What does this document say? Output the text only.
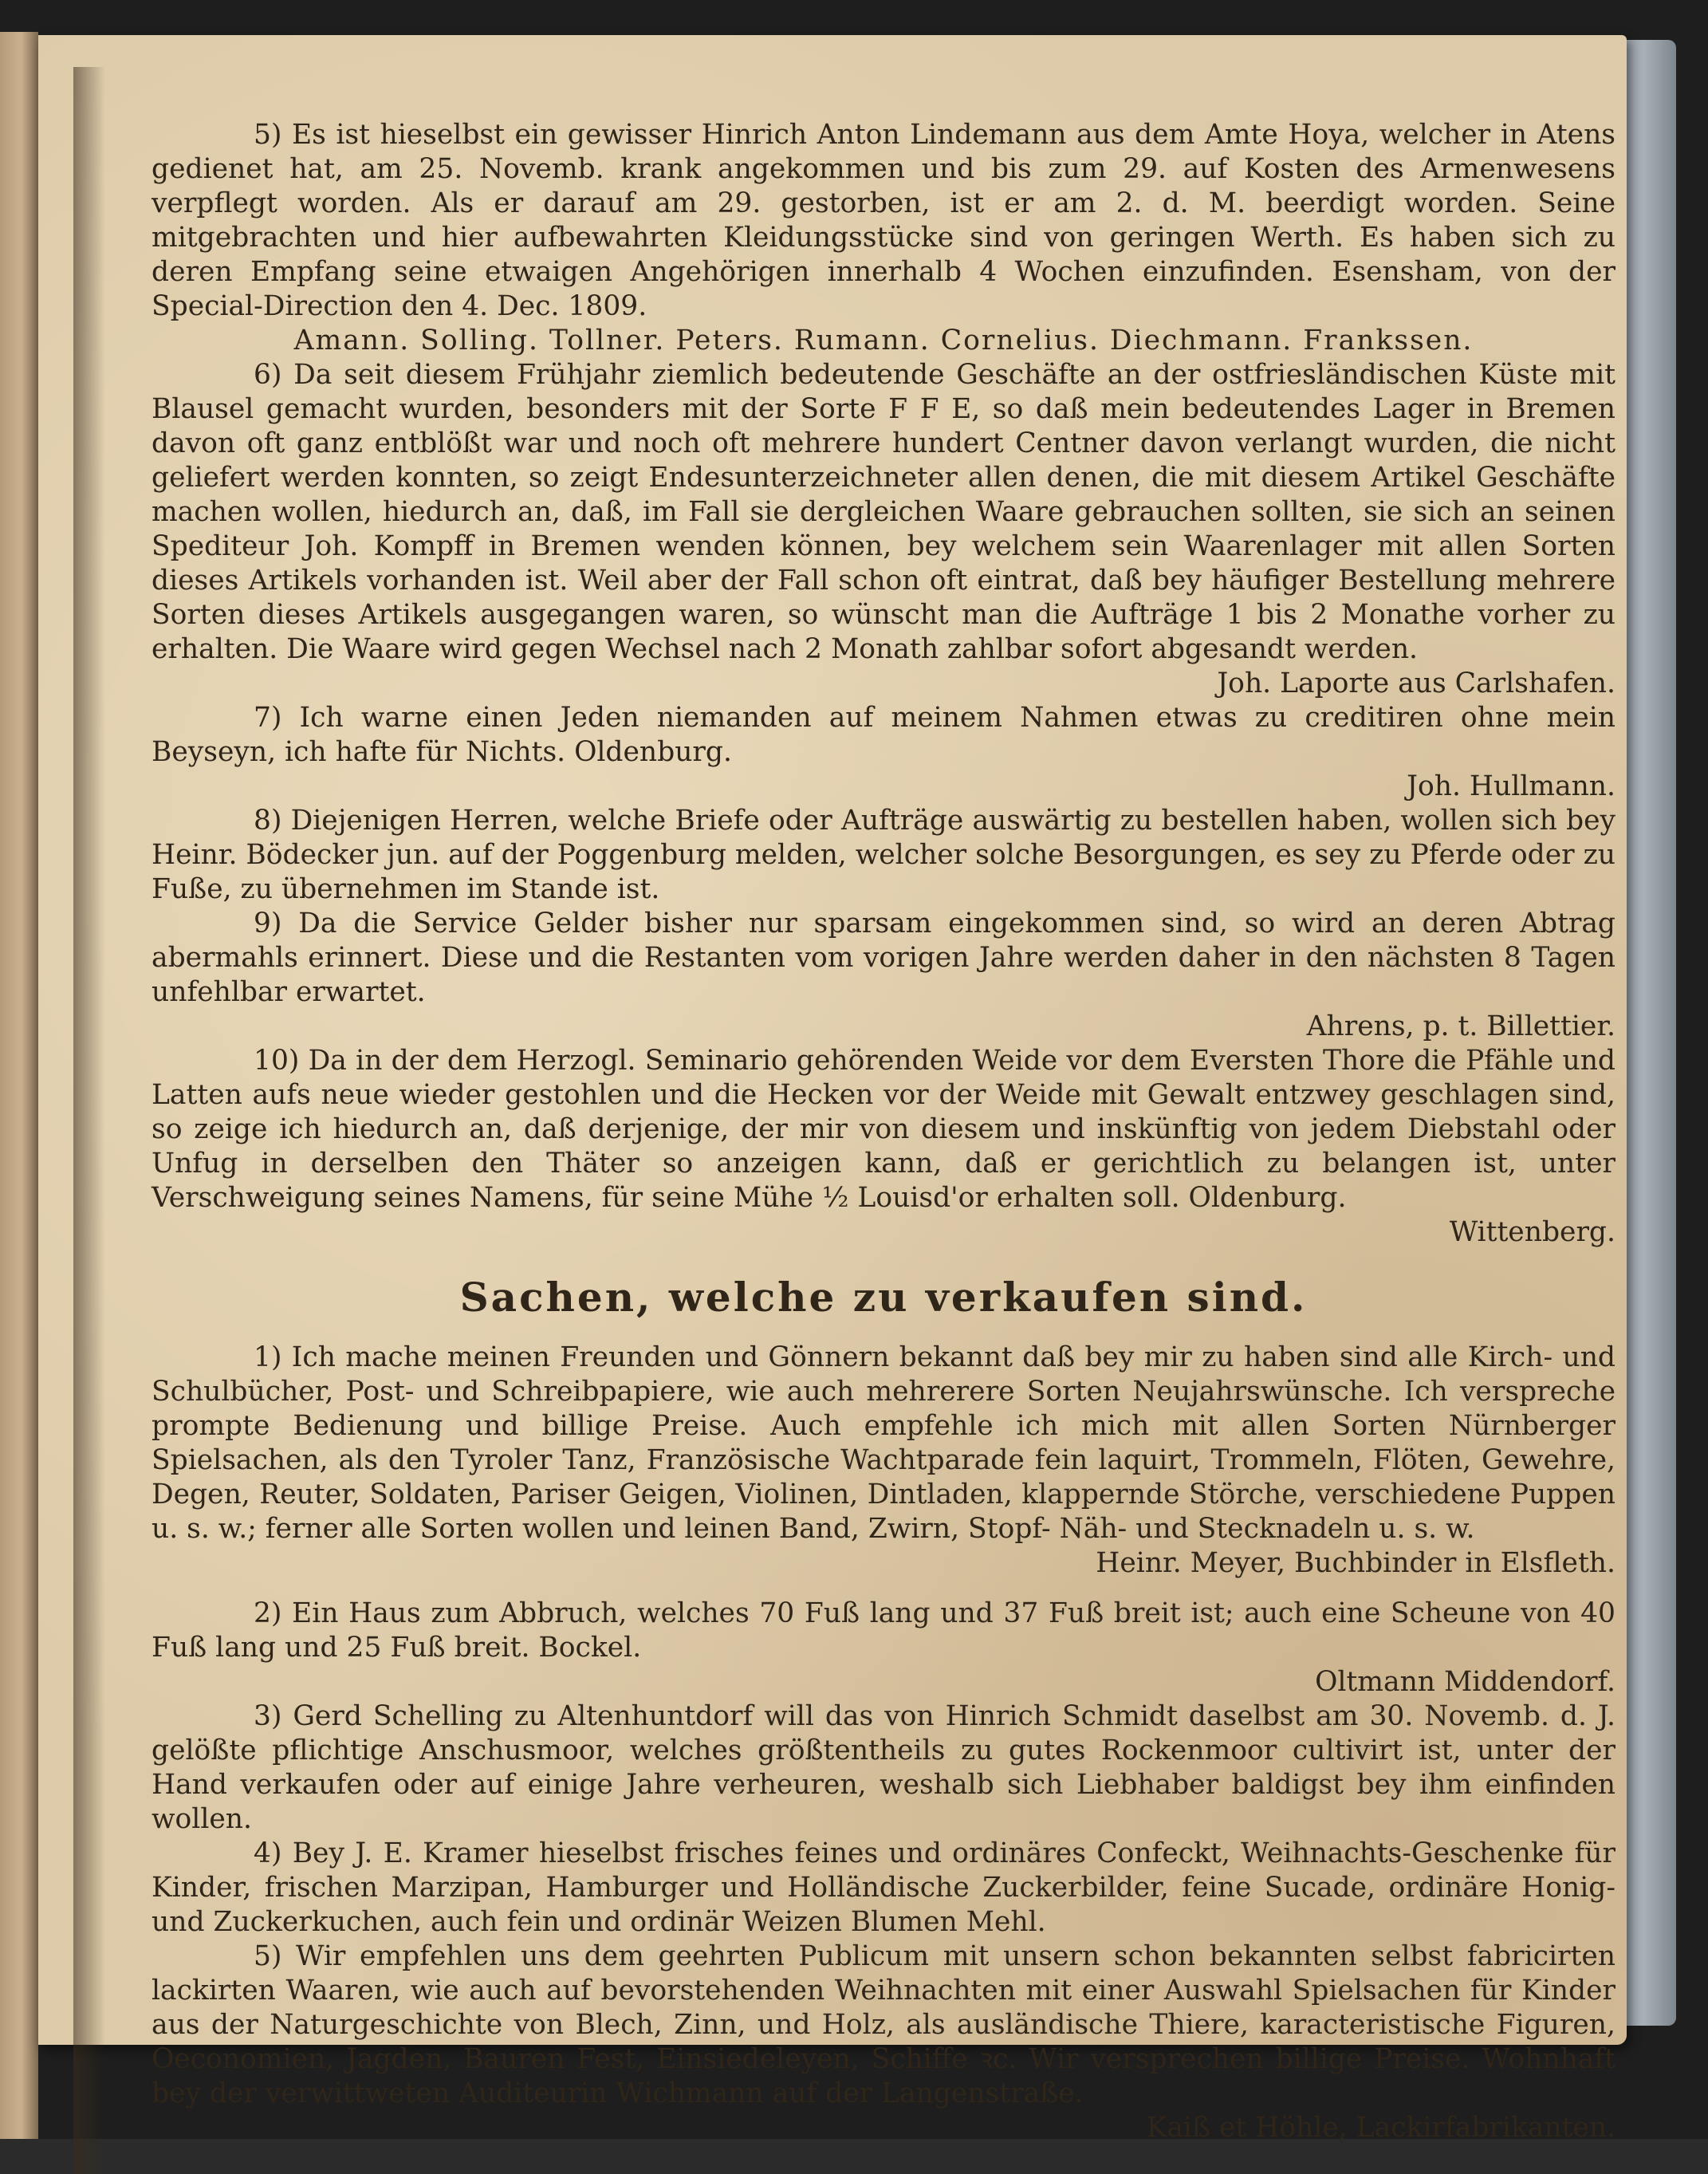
5) Es ist hieselbst ein gewisser Hinrich Anton Lindemann aus dem Amte Hoya, welcher in Atens gedienet hat, am 25. Novemb. krank angekommen und bis zum 29. auf Kosten des Armenwesens verpflegt worden. Als er darauf am 29. gestorben, ist er am 2. d. M. beerdigt worden. Seine mitgebrachten und hier aufbewahrten Kleidungsstücke sind von geringen Werth. Es haben sich zu deren Empfang seine etwaigen Angehörigen innerhalb 4 Wochen einzufinden. Esensham, von der Special-Direction den 4. Dec. 1809.

Amann. Solling. Tollner. Peters. Rumann. Cornelius. Diechmann. Frankssen.

6) Da seit diesem Frühjahr ziemlich bedeutende Geschäfte an der ostfriesländischen Küste mit Blausel gemacht wurden, besonders mit der Sorte F F E, so daß mein bedeutendes Lager in Bremen davon oft ganz entblößt war und noch oft mehrere hundert Centner davon verlangt wurden, die nicht geliefert werden konnten, so zeigt Endesunterzeichneter allen denen, die mit diesem Artikel Geschäfte machen wollen, hiedurch an, daß, im Fall sie dergleichen Waare gebrauchen sollten, sie sich an seinen Spediteur Joh. Kompff in Bremen wenden können, bey welchem sein Waarenlager mit allen Sorten dieses Artikels vorhanden ist. Weil aber der Fall schon oft eintrat, daß bey häufiger Bestellung mehrere Sorten dieses Artikels ausgegangen waren, so wünscht man die Aufträge 1 bis 2 Monathe vorher zu erhalten. Die Waare wird gegen Wechsel nach 2 Monath zahlbar sofort abgesandt werden.
Joh. Laporte aus Carlshafen.

7) Ich warne einen Jeden niemanden auf meinem Nahmen etwas zu creditiren ohne mein Beyseyn, ich hafte für Nichts. Oldenburg.
Joh. Hullmann.

8) Diejenigen Herren, welche Briefe oder Aufträge auswärtig zu bestellen haben, wollen sich bey Heinr. Bödecker jun. auf der Poggenburg melden, welcher solche Besorgungen, es sey zu Pferde oder zu Fuße, zu übernehmen im Stande ist.

9) Da die Service Gelder bisher nur sparsam eingekommen sind, so wird an deren Abtrag abermahls erinnert. Diese und die Restanten vom vorigen Jahre werden daher in den nächsten 8 Tagen unfehlbar erwartet.
Ahrens, p. t. Billettier.

10) Da in der dem Herzogl. Seminario gehörenden Weide vor dem Eversten Thore die Pfähle und Latten aufs neue wieder gestohlen und die Hecken vor der Weide mit Gewalt entzwey geschlagen sind, so zeige ich hiedurch an, daß derjenige, der mir von diesem und inskünftig von jedem Diebstahl oder Unfug in derselben den Thäter so anzeigen kann, daß er gerichtlich zu belangen ist, unter Verschweigung seines Namens, für seine Mühe ½ Louisd'or erhalten soll. Oldenburg.
Wittenberg.

Sachen, welche zu verkaufen sind.

1) Ich mache meinen Freunden und Gönnern bekannt daß bey mir zu haben sind alle Kirch- und Schulbücher, Post- und Schreibpapiere, wie auch mehrerere Sorten Neujahrswünsche. Ich verspreche prompte Bedienung und billige Preise. Auch empfehle ich mich mit allen Sorten Nürnberger Spielsachen, als den Tyroler Tanz, Französische Wachtparade fein laquirt, Trommeln, Flöten, Gewehre, Degen, Reuter, Soldaten, Pariser Geigen, Violinen, Dintladen, klappernde Störche, verschiedene Puppen u. s. w.; ferner alle Sorten wollen und leinen Band, Zwirn, Stopf- Näh- und Stecknadeln u. s. w.
Heinr. Meyer, Buchbinder in Elsfleth.

2) Ein Haus zum Abbruch, welches 70 Fuß lang und 37 Fuß breit ist; auch eine Scheune von 40 Fuß lang und 25 Fuß breit. Bockel.
Oltmann Middendorf.

3) Gerd Schelling zu Altenhuntdorf will das von Hinrich Schmidt daselbst am 30. Novemb. d. J. gelößte pflichtige Anschusmoor, welches größtentheils zu gutes Rockenmoor cultivirt ist, unter der Hand verkaufen oder auf einige Jahre verheuren, weshalb sich Liebhaber baldigst bey ihm einfinden wollen.

4) Bey J. E. Kramer hieselbst frisches feines und ordinäres Confeckt, Weihnachts-Geschenke für Kinder, frischen Marzipan, Hamburger und Holländische Zuckerbilder, feine Sucade, ordinäre Honig- und Zuckerkuchen, auch fein und ordinär Weizen Blumen Mehl.

5) Wir empfehlen uns dem geehrten Publicum mit unsern schon bekannten selbst fabricirten lackirten Waaren, wie auch auf bevorstehenden Weihnachten mit einer Auswahl Spielsachen für Kinder aus der Naturgeschichte von Blech, Zinn, und Holz, als ausländische Thiere, karacteristische Figuren, Oeconomien, Jagden, Bauren Fest, Einsiedeleyen, Schiffe ꝛc. Wir versprechen billige Preise. Wohnhaft bey der verwittweten Auditeurin Wichmann auf der Langenstraße.
Kaiß et Höhle, Lackirfabrikanten.
